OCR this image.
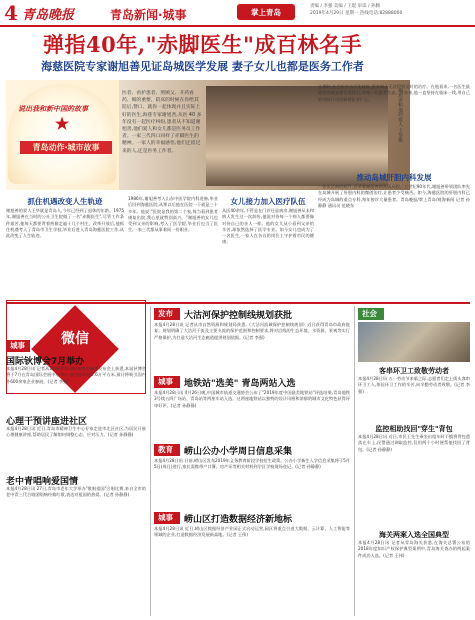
4 青岛晚报	青岛新闻·城事	掌上青岛
责编 / 李强 美编 / 王琨 审读 / 孙腾
2019年4月29日 星期一 热线电话:82888000
弹指40年,"赤脚医生"成百林名手
海慈医院专家谢旭善见证岛城医学发展 妻子女儿也都是医务工作者
说出我和新中国的故事
★
青岛动作·城市故事
医者、看护患者、照顾父、开药看药、细的重要、陪床的时候在你给其陪后,赞口、就你一起体现并且实际上好的医生,海慈专家谢旭善,从医 40 多年没有一起医疗纠纷,患者从不知道谢旭善,他们爱人和女儿都是医务员工作者。一家三代四口同样了赤脚医生的精神。一家人的幸福感悟,他们还留过来的人,还是医务工作者。
谢旭善和他的爱人 王华摄
抓住机遇改变人生轨迹
谢旭善的爱人王华就是青岛人,今年已经到了退休的年龄。1975年,谢旭善在当时的公社卫生院做了一名"赤脚医生",尽管工作条件艰苦,他每天都要背着药箱走遍十几个村庄。改革开放后,他抓住机遇考入了青岛市卫生学校,毕业后进入青岛海慈医院工作,从此改变了人生轨迹。
1986年,谢旭善考入山东中医学院内科进修,毕业后回到海慈医院,从那以后他在医院一干就是三十多年。他说:"医院是我的第二个家,每当看到患者康复出院,我心里就特别高兴。"谢旭善的女儿也受到父亲的影响,考入了医学院,毕业后也当了医生,一家三代都从事着同一份职业。
女儿接力加入医疗队伍
从医40余年,不管是在门诊还是病房,谢旭善从未和病人发生过一次纠纷,他说对待每一个病人都要像对待自己的亲人一样。他的女儿从小看到父亲的辛苦,却依然选择了医学专业。如今女儿也成为了一名医生,一家人在各自的岗位上守护着市民的健康。
去那时,社会医疗水平比较低,很多病人无法得到及时的治疗。在他看来,一名医生最重要的就是要有责任心,对每一位患者负责。多年来,他一直坚持在临床一线,用自己的实际行动诠释着医者仁心。
推动岛城肝胆内科发展
一张张泛黄的照片,记录着谢旭善的从医历程。上世纪90年代,谢旭善带领团队率先在岛城开展了肝胆内科的微创治疗,让患者少受痛苦。如今,海慈医院的肝胆内科已经成为岛城的重点专科,每年接诊大量患者。青岛晚报/掌上青岛/观海新闻 记者 孙静静 通讯员 范晓东
微信
城事
国际钬博会7月举办
本报4月28日讯 记者从2019青岛国际钬博会新闻发布会上获悉,本届钬博会将于7月在青岛国际会展中心举办,展会面积达2.6万平方米,预计将吸引国内外600余家企业参展。(记者 李强)
心理干预讲座进社区
本报4月28日讯 近日,青岛市精神卫生中心专家走进市北区社区,为居民开展心理健康讲座,帮助居民了解如何调整心态、应对压力。(记者 孙静静)
老中青唱响爱国情
本报4月28日讯 27日,青岛市老年大学举办"歌唱祖国"合唱比赛,来自全市的老中青三代合唱团唱响经典红歌,表达对祖国的热爱。(记者 孙静静)
发布	大沽河保护控制线规划获批
本报4月28日讯 记者从市自然资源和规划局获悉,《大沽河流域保护控制线规划》近日获得青岛市政府批复。规划明确了大沽河干流及主要支流的保护范围和控制要求,将对沿线的生态环境、水资源、景观等实行严格保护,为打造大沽河生态廊道提供规划依据。(记者 李强)
城事	地铁站"选美" 青岛两站入选
本报4月28日讯 4月26日晚,中国城市轨道交通协会公布了"2019年度中国最美地铁站"评选结果,青岛地铁3号线五四广场站、青岛站等两座车站入选。这两座地铁站以独特的设计风格和浓郁的城市文化特色获得评审好评。(记者 孙静静)
教育	崂山公办小学周日信息采集
本报4月28日讯 日前,崂山区发布2019年义务教育阶段学校招生政策。公办小学新生入学信息采集将于5月5日(周日)进行,家长需携带户口簿、房产证等相关材料到学区学校现场登记。(记者 孙静静)
城事	崂山区打造数据经济新地标
本报4月28日讯 近日,崂山区数据经济产业园正式启动运营,园区将重点引进大数据、云计算、人工智能等领域的企业,打造数据经济发展新高地。(记者 王伟)
社会
客串环卫工致敬劳动者
本报4月28日讯 五一劳动节来临之际,志愿者们走上街头客串环卫工人,体验环卫工作的辛苦,向辛勤劳动者致敬。(记者 李强)
监控相助找回"穿生"背包
本报4月28日讯 近日,市民王先生乘坐出租车时不慎将背包遗落在车上,民警通过调取监控,仅用两个小时便帮他找回了背包。(记者 孙静静)
海关两案入选全国典型
本报4月28日讯 记者从青岛海关获悉,在海关总署公布的2018年度知识产权保护典型案例中,青岛海关查办的两起案件成功入选。(记者 王伟)
